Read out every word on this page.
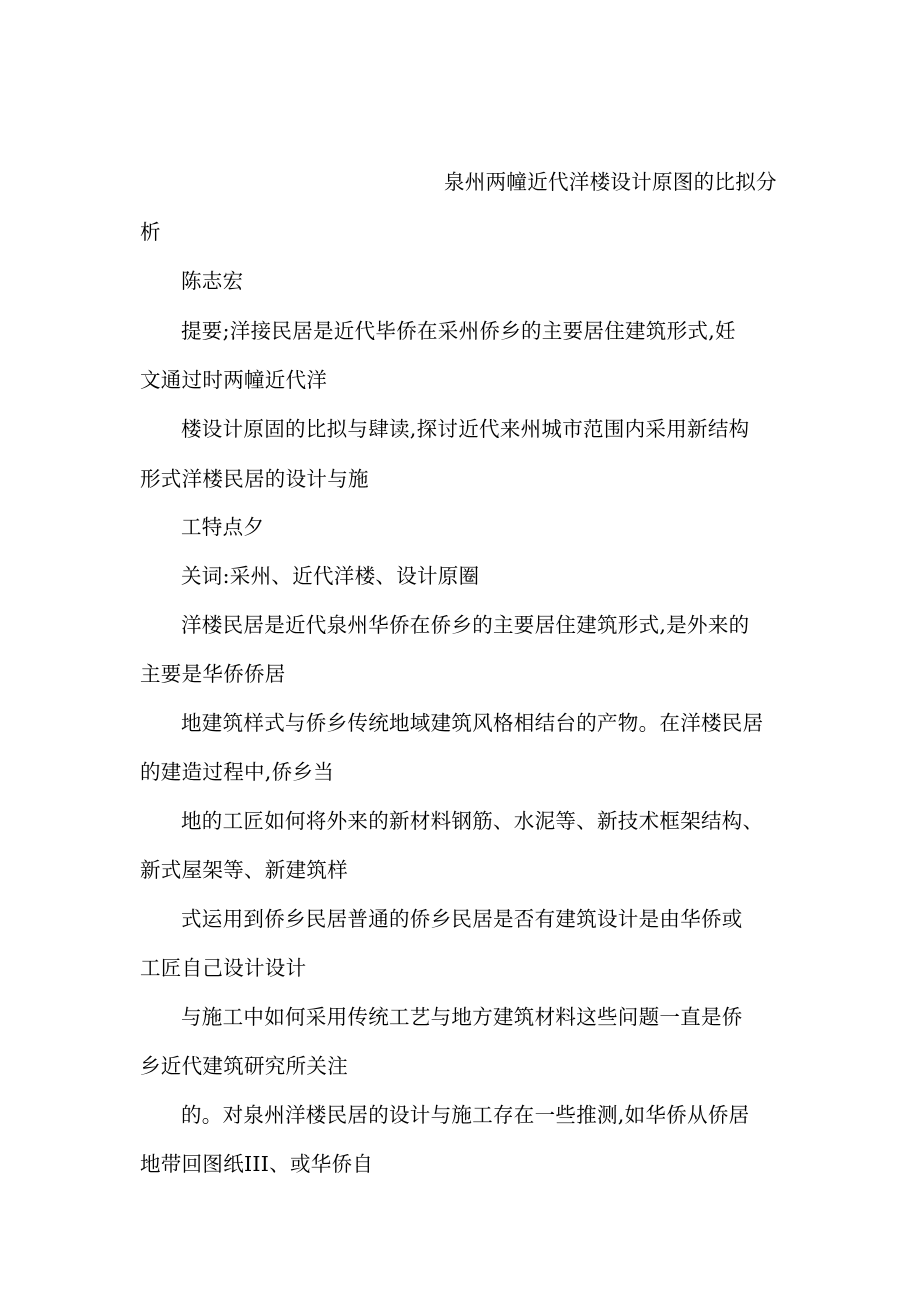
泉州两幢近代洋楼设计原图的比拟分
析
陈志宏
提要;洋接民居是近代毕侨在采州侨乡的主要居住建筑形式,妊
文通过时两幢近代洋
楼设计原固的比拟与肆读,探讨近代来州城市范围内采用新结构
形式洋楼民居的设计与施
工特点夕
关词:采州、近代洋楼、设计原圈
洋楼民居是近代泉州华侨在侨乡的主要居住建筑形式,是外来的
主要是华侨侨居
地建筑样式与侨乡传统地域建筑风格相结台的产物。在洋楼民居
的建造过程中,侨乡当
地的工匠如何将外来的新材料钢筋、水泥等、新技术框架结构、
新式屋架等、新建筑样
式运用到侨乡民居普通的侨乡民居是否有建筑设计是由华侨或
工匠自己设计设计
与施工中如何采用传统工艺与地方建筑材料这些问题一直是侨
乡近代建筑研究所关注
的。对泉州洋楼民居的设计与施工存在一些推测,如华侨从侨居
地带回图纸III、或华侨自
